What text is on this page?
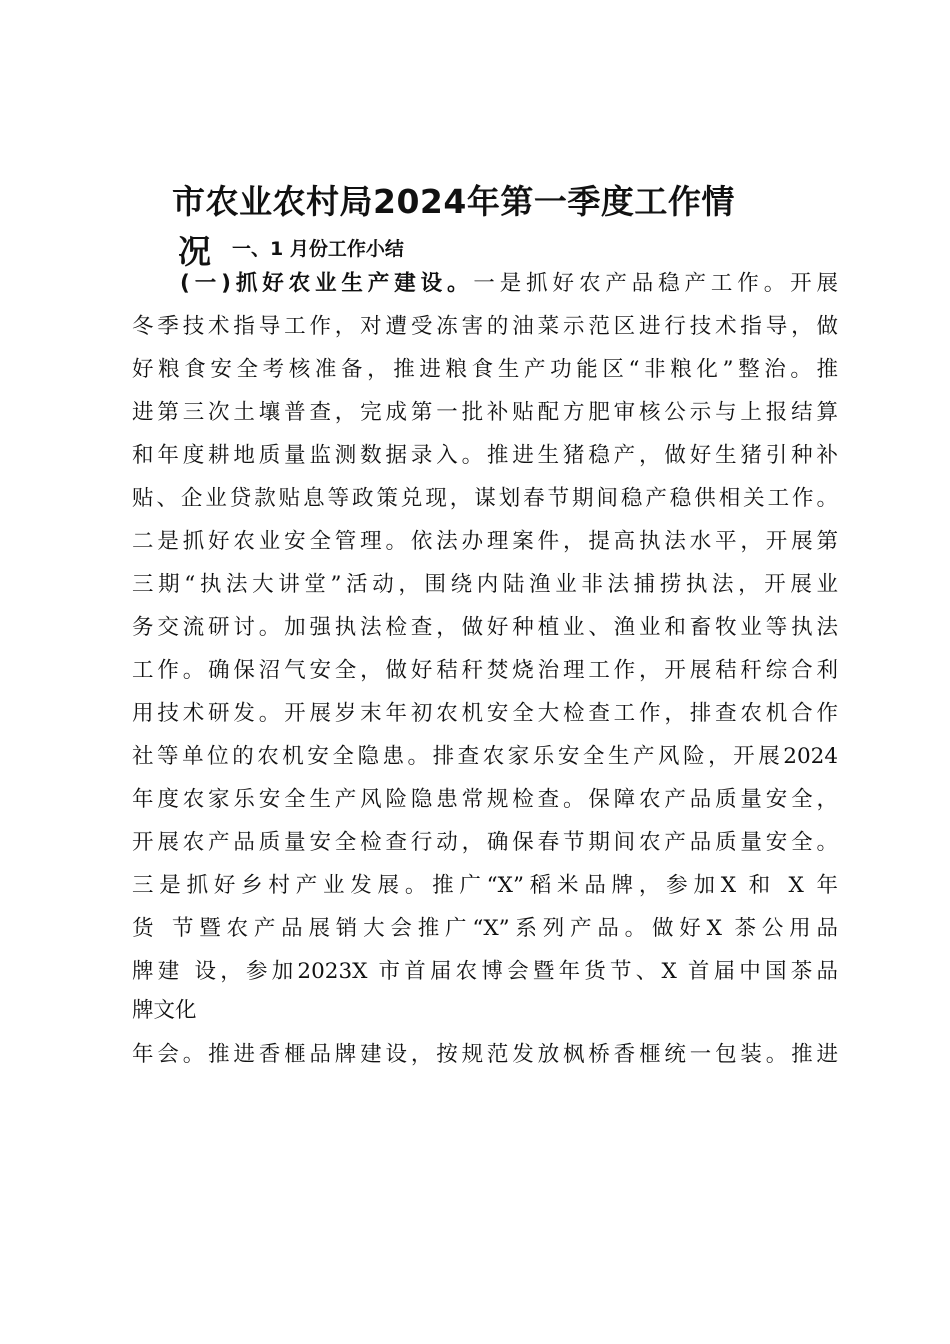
市农业农村局2024年第一季度工作情
况 一、1 月份工作小结
(一)抓好农业生产建设。一是抓好农产品稳产工作。开展
冬季技术指导工作，对遭受冻害的油菜示范区进行技术指导，做
好粮食安全考核准备，推进粮食生产功能区“非粮化”整治。推
进第三次土壤普查，完成第一批补贴配方肥审核公示与上报结算
和年度耕地质量监测数据录入。推进生猪稳产，做好生猪引种补
贴、企业贷款贴息等政策兑现，谋划春节期间稳产稳供相关工作。
二是抓好农业安全管理。依法办理案件，提高执法水平，开展第
三期“执法大讲堂”活动，围绕内陆渔业非法捕捞执法，开展业
务交流研讨。加强执法检查，做好种植业、渔业和畜牧业等执法
工作。确保沼气安全，做好秸秆焚烧治理工作，开展秸秆综合利
用技术研发。开展岁末年初农机安全大检查工作，排查农机合作
社等单位的农机安全隐患。排查农家乐安全生产风险，开展2024
年度农家乐安全生产风险隐患常规检查。保障农产品质量安全，
开展农产品质量安全检查行动，确保春节期间农产品质量安全。
三是抓好乡村产业发展。推广“X”稻米品牌，参加X 和 X 年
货 节暨农产品展销大会推广“X”系列产品。做好X 茶公用品
牌建 设，参加2023X 市首届农博会暨年货节、X 首届中国茶品
牌文化
年会。推进香榧品牌建设，按规范发放枫桥香榧统一包装。推进
